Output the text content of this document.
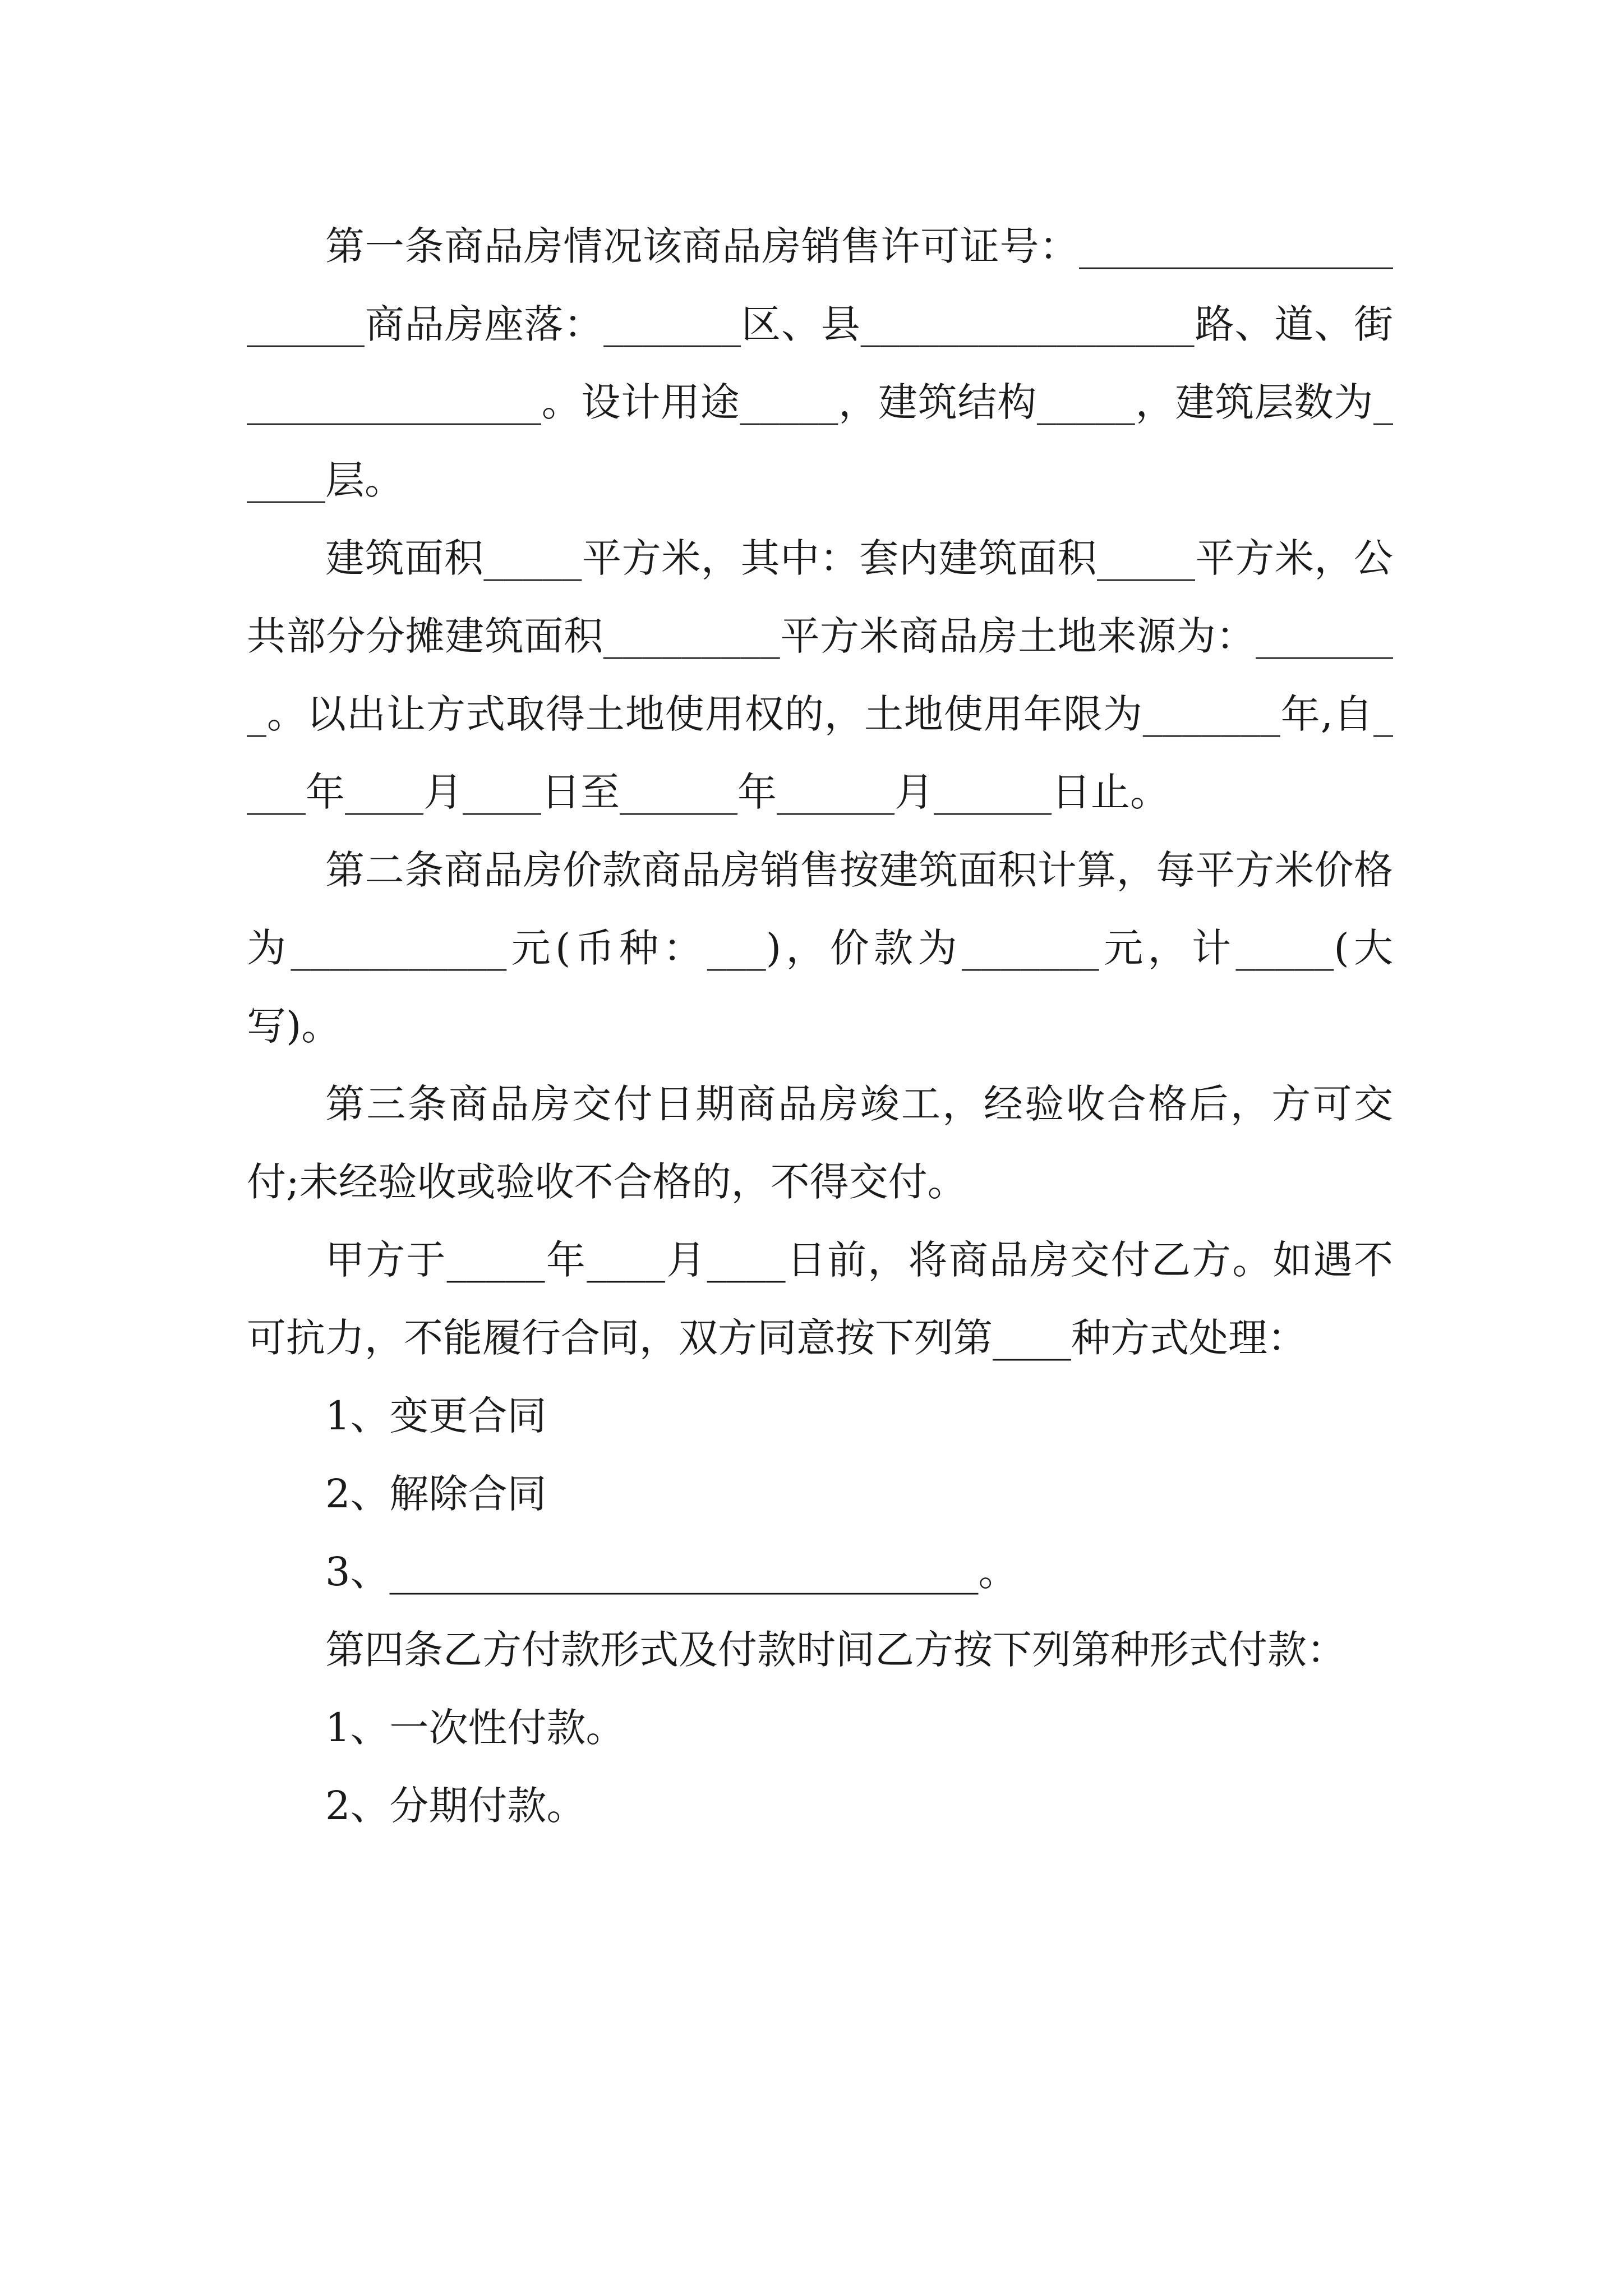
第一条商品房情况该商品房销售许可证号：______________________商品房座落：_______区、县_________________路、道、街_______________。设计用途_____，建筑结构_____，建筑层数为_____层。

建筑面积_____平方米，其中：套内建筑面积_____平方米，公共部分分摊建筑面积_________平方米商品房土地来源为：________。以出让方式取得土地使用权的，土地使用年限为_______年,自____年____月____日至______年______月______日止。

第二条商品房价款商品房销售按建筑面积计算，每平方米价格为___________元(币种：___)，价款为_______元，计_____(大写)。

第三条商品房交付日期商品房竣工，经验收合格后，方可交付;未经验收或验收不合格的，不得交付。

甲方于_____年____月____日前，将商品房交付乙方。如遇不可抗力，不能履行合同，双方同意按下列第____种方式处理：

1、变更合同

2、解除合同

3、______________________________。

第四条乙方付款形式及付款时间乙方按下列第种形式付款：

1、一次性付款。

2、分期付款。
